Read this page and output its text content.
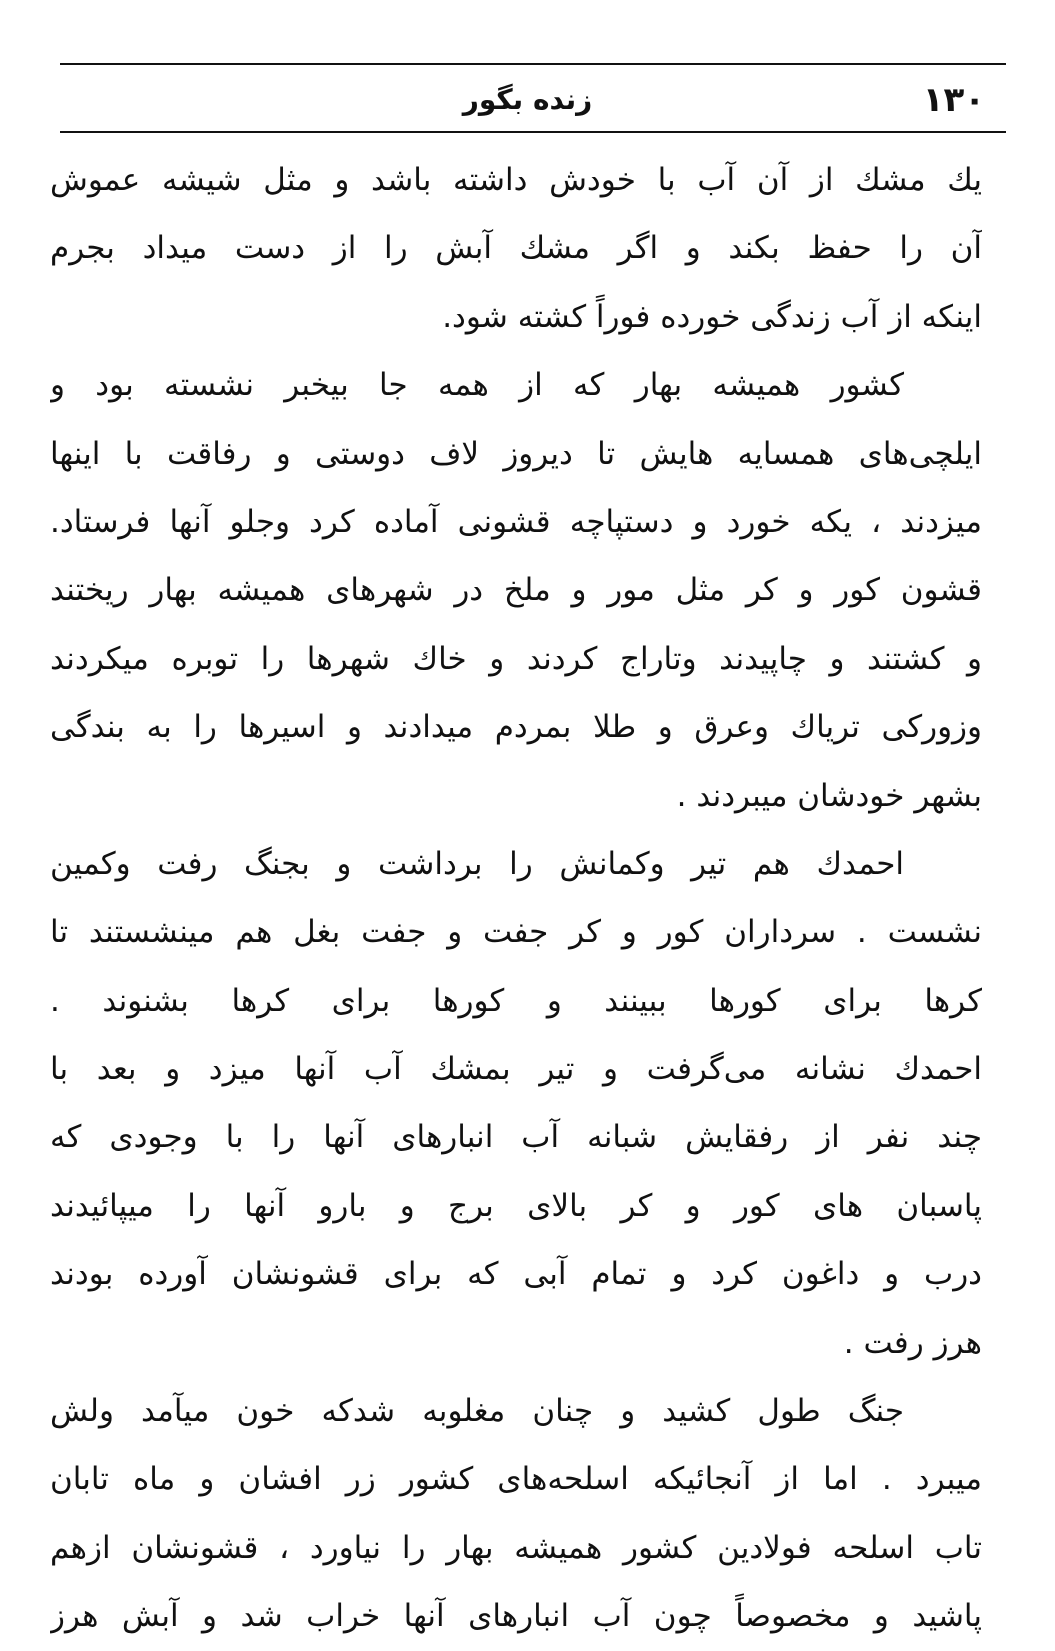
زنده بگور	۱۳۰
یك مشك از آن آب با خودش داشته باشد و مثل شیشه عموش
آن را حفظ بکند و اگر مشك آبش را از دست میداد بجرم
اینکه از آب زندگی خورده فوراً کشته شود.
کشور همیشه بهار که از همه جا بیخبر نشسته بود و
ایلچی‌های همسایه هایش تا دیروز لاف دوستی و رفاقت با اینها
میزدند ، یکه خورد و دستپاچه قشونی آماده کرد وجلو آنها فرستاد.
قشون کور و کر مثل مور و ملخ در شهرهای همیشه بهار ریختند
و کشتند و چاپیدند وتاراج کردند و خاك شهرها را توبره میکردند
وزورکی تریاك وعرق و طلا بمردم میدادند و اسیرها را به بندگی
بشهر خودشان میبردند .
احمدك هم تیر وکمانش را برداشت و بجنگ رفت وکمین
نشست . سرداران کور و کر جفت و جفت بغل هم مینشستند تا
کرها برای کورها ببینند و کورها برای کرها بشنوند .
احمدك نشانه می‌گرفت و تیر بمشك آب آنها میزد و بعد با
چند نفر از رفقایش شبانه آب انبارهای آنها را با وجودی که
پاسبان های کور و کر بالای برج و بارو آنها را میپائیدند
درب و داغون کرد و تمام آبی که برای قشونشان آورده بودند
هرز رفت .
جنگ طول کشید و چنان مغلوبه شدکه خون میآمد ولش
میبرد . اما از آنجائیکه اسلحه‌های کشور زر افشان و ماه تابان
تاب اسلحه فولادین کشور همیشه بهار را نیاورد ، قشونشان ازهم
پاشید و مخصوصاً چون آب انبارهای آنها خراب شد و آبش هرز
